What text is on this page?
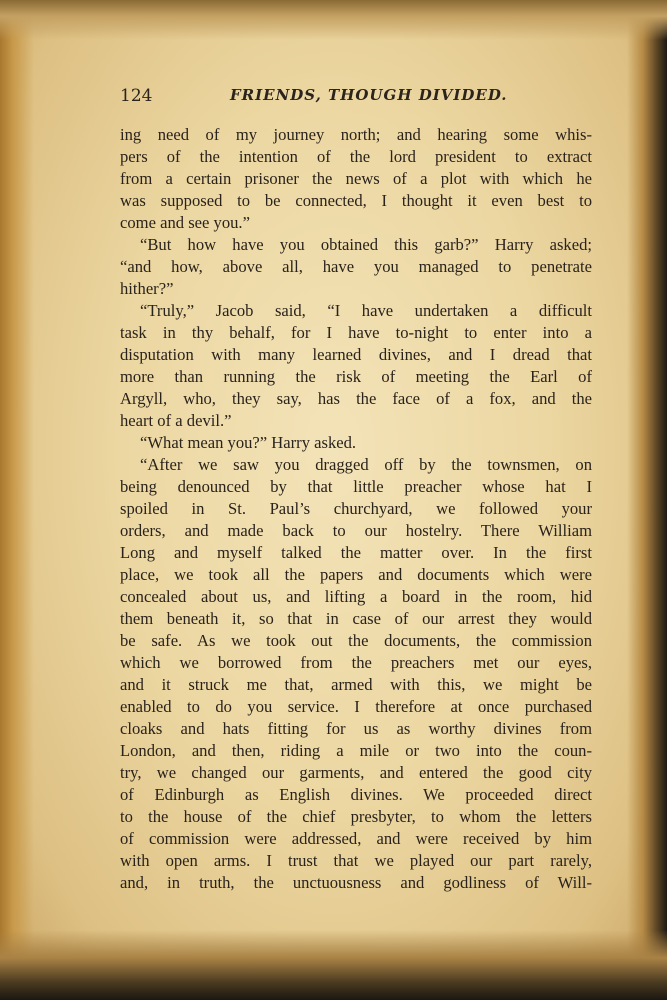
124	FRIENDS, THOUGH DIVIDED.
ing need of my journey north; and hearing some whis-
pers of the intention of the lord president to extract
from a certain prisoner the news of a plot with which he
was supposed to be connected, I thought it even best to
come and see you.”
“But how have you obtained this garb?” Harry asked;
“and how, above all, have you managed to penetrate
hither?”
“Truly,” Jacob said, “I have undertaken a difficult
task in thy behalf, for I have to-night to enter into a
disputation with many learned divines, and I dread that
more than running the risk of meeting the Earl of
Argyll, who, they say, has the face of a fox, and the
heart of a devil.”
“What mean you?” Harry asked.
“After we saw you dragged off by the townsmen, on
being denounced by that little preacher whose hat I
spoiled in St. Paul’s churchyard, we followed your
orders, and made back to our hostelry. There William
Long and myself talked the matter over. In the first
place, we took all the papers and documents which were
concealed about us, and lifting a board in the room, hid
them beneath it, so that in case of our arrest they would
be safe. As we took out the documents, the commission
which we borrowed from the preachers met our eyes,
and it struck me that, armed with this, we might be
enabled to do you service. I therefore at once purchased
cloaks and hats fitting for us as worthy divines from
London, and then, riding a mile or two into the coun-
try, we changed our garments, and entered the good city
of Edinburgh as English divines. We proceeded direct
to the house of the chief presbyter, to whom the letters
of commission were addressed, and were received by him
with open arms. I trust that we played our part rarely,
and, in truth, the unctuousness and godliness of Will-
